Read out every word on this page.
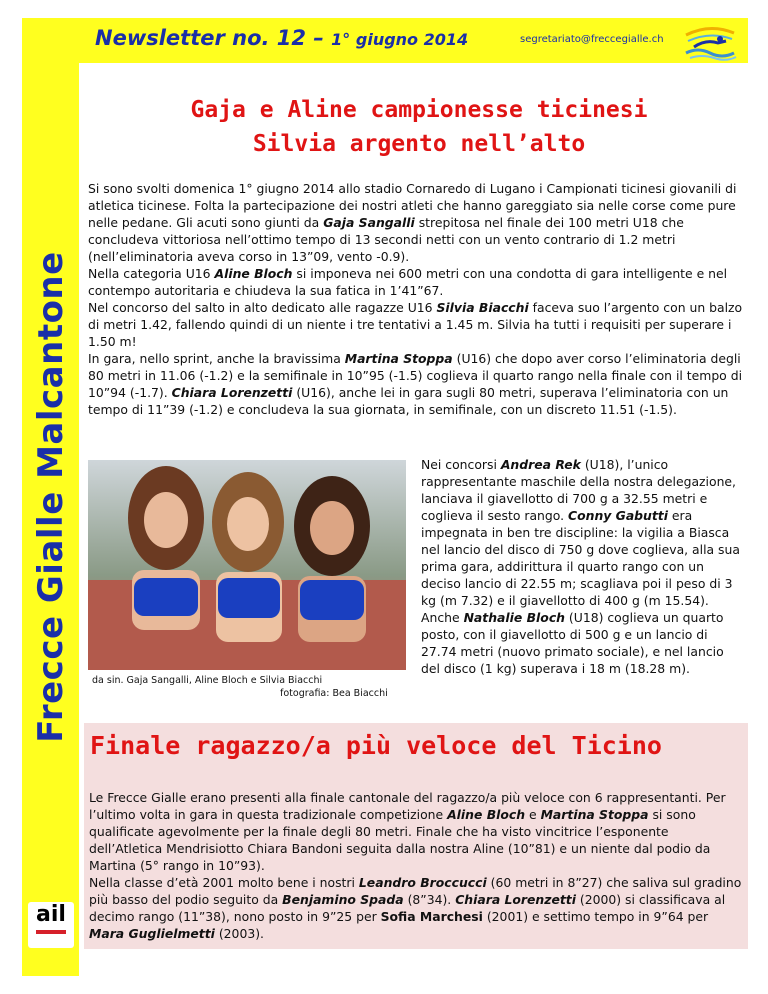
Frecce Gialle Malcantone
ail
Newsletter no. 12 – 1° giugno 2014	segretariato@freccegialle.ch
Gaja e Aline campionesse ticinesi
Silvia argento nell’alto
Si sono svolti domenica 1° giugno 2014 allo stadio Cornaredo di Lugano i Campionati ticinesi giovanili di atletica ticinese. Folta la partecipazione dei nostri atleti che hanno gareggiato sia nelle corse come pure nelle pedane. Gli acuti sono giunti da Gaja Sangalli strepitosa nel finale dei 100 metri U18 che concludeva vittoriosa nell’ottimo tempo di 13 secondi netti con un vento contrario di 1.2 metri (nell’eliminatoria aveva corso in 13”09, vento -0.9).
Nella categoria U16 Aline Bloch si imponeva nei 600 metri con una condotta di gara intelligente e nel contempo autoritaria e chiudeva la sua fatica in 1’41”67.
Nel concorso del salto in alto dedicato alle ragazze U16 Silvia Biacchi faceva suo l’argento con un balzo di metri 1.42, fallendo quindi di un niente i tre tentativi a 1.45 m. Silvia ha tutti i requisiti per superare i 1.50 m!
In gara, nello sprint, anche la bravissima Martina Stoppa (U16) che dopo aver corso l’eliminatoria degli 80 metri in 11.06 (-1.2) e la semifinale in 10”95 (-1.5) coglieva il quarto rango nella finale con il tempo di 10”94 (-1.7). Chiara Lorenzetti (U16), anche lei in gara sugli 80 metri, superava l’eliminatoria con un tempo di 11”39 (-1.2) e concludeva la sua giornata, in semifinale, con un discreto 11.51 (-1.5).
da sin. Gaja Sangalli, Aline Bloch e Silvia Biacchi
fotografia: Bea Biacchi
Nei concorsi Andrea Rek (U18), l’unico rappresentante maschile della nostra delegazione, lanciava il giavellotto di 700 g a 32.55 metri e coglieva il sesto rango. Conny Gabutti era impegnata in ben tre discipline: la vigilia a Biasca nel lancio del disco di 750 g dove coglieva, alla sua prima gara, addirittura il quarto rango con un deciso lancio di 22.55 m; scagliava poi il peso di 3 kg (m 7.32) e il giavellotto di 400 g (m 15.54). Anche Nathalie Bloch (U18) coglieva un quarto posto, con il giavellotto di 500 g e un lancio di 27.74 metri (nuovo primato sociale), e nel lancio del disco (1 kg) superava i 18 m (18.28 m).
Finale ragazzo/a più veloce del Ticino
Le Frecce Gialle erano presenti alla finale cantonale del ragazzo/a più veloce con 6 rappresentanti. Per l’ultimo volta in gara in questa tradizionale competizione Aline Bloch e Martina Stoppa si sono qualificate agevolmente per la finale degli 80 metri. Finale che ha visto vincitrice l’esponente dell’Atletica Mendrisiotto Chiara Bandoni seguita dalla nostra Aline (10”81) e un niente dal podio da Martina (5° rango in 10”93).
Nella classe d’età 2001 molto bene i nostri Leandro Broccucci (60 metri in 8”27) che saliva sul gradino più basso del podio seguito da Benjamino Spada (8”34). Chiara Lorenzetti (2000) si classificava al decimo rango (11”38), nono posto in 9”25 per Sofia Marchesi (2001) e settimo tempo in 9”64 per Mara Guglielmetti (2003).
